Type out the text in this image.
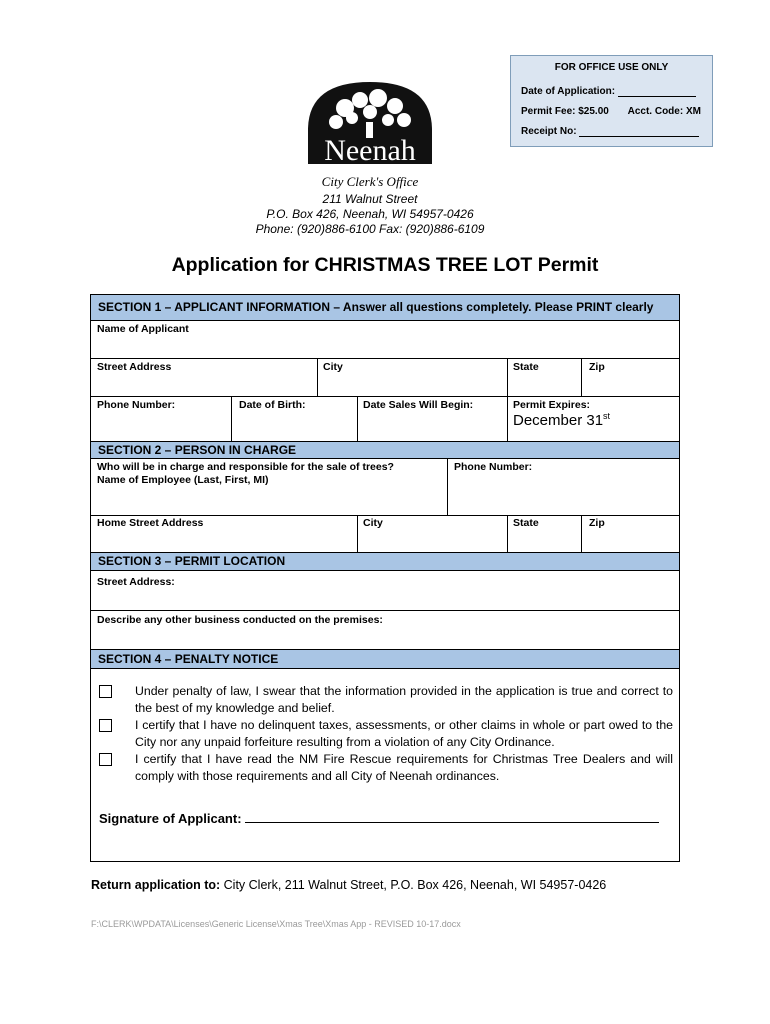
FOR OFFICE USE ONLY
Date of Application:
Permit Fee: $25.00 Acct. Code: XM
Receipt No:
Neenah
City Clerk's Office
211 Walnut Street
P.O. Box 426, Neenah, WI 54957-0426
Phone: (920)886-6100 Fax: (920)886-6109
Application for CHRISTMAS TREE LOT Permit
SECTION 1 – APPLICANT INFORMATION – Answer all questions completely. Please PRINT clearly
Name of Applicant
Street Address	City	State	Zip
Phone Number:	Date of Birth:	Date Sales Will Begin:	Permit Expires:
December 31st
SECTION 2 – PERSON IN CHARGE
Who will be in charge and responsible for the sale of trees?
Name of Employee (Last, First, MI)
Phone Number:
Home Street Address	City	State	Zip
SECTION 3 – PERMIT LOCATION
Street Address:
Describe any other business conducted on the premises:
SECTION 4 – PENALTY NOTICE
Under penalty of law, I swear that the information provided in the application is true and correct to the best of my knowledge and belief.
I certify that I have no delinquent taxes, assessments, or other claims in whole or part owed to the City nor any unpaid forfeiture resulting from a violation of any City Ordinance.
I certify that I have read the NM Fire Rescue requirements for Christmas Tree Dealers and will comply with those requirements and all City of Neenah ordinances.
Signature of Applicant:
Return application to: City Clerk, 211 Walnut Street, P.O. Box 426, Neenah, WI 54957-0426
F:\CLERK\WPDATA\Licenses\Generic License\Xmas Tree\Xmas App - REVISED 10-17.docx
